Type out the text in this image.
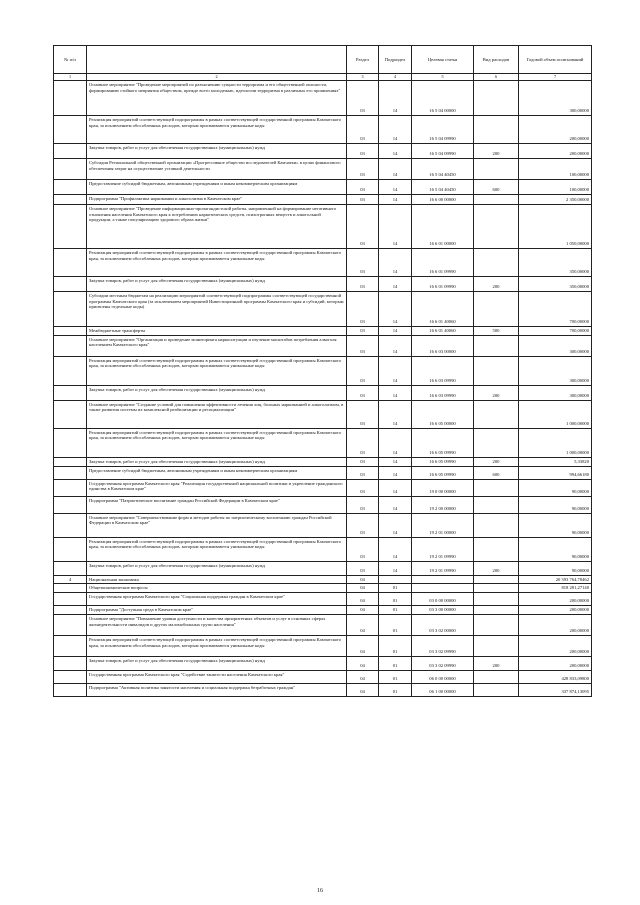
№ п/п		Раздел	Подраздел	Целевая статья	Вид расходов	Годовой объем ассигнований
1	2	3	4	5	6	7
	Основное мероприятие "Проведение мероприятий по разъяснению сущности терроризма и его общественной опасности, формированию стойкого неприятия обществом, прежде всего молодежью, идеологии терроризма в различных его проявлениях"	03	14	16 5 04 00000		300,00000
	Реализация мероприятий соответствующей подпрограммы в рамках соответствующей государственной программы Камчатского края, за исключением обособленных расходов, которым присваиваются уникальные коды	03	14	16 5 04 09990		200,00000
	Закупка товаров, работ и услуг для обеспечения государственных (муниципальных) нужд	03	14	16 5 04 09990	200	200,00000
	Субсидия Региональной общественной организации «Прогрессивное общество исследователей Камчатки» в целях финансового обеспечения затрат на осуществление уставной деятельности	03	14	16 5 04 40450		100,00000
	Предоставление субсидий бюджетным, автономным учреждениям и иным некоммерческим организациям	03	14	16 5 04 40450	600	100,00000
	Подпрограмма "Профилактика наркомании и алкоголизма в Камчатском крае"	03	14	16 6 00 00000		2 350,00000
	Основное мероприятие "Проведение информационно-пропагандистской работы, направленной на формирование негативного отношения населения Камчатского края к потреблению наркотических средств, психотропных веществ и алкогольной продукции, а также популяризацию здорового образа жизни"	03	14	16 6 01 00000		1 050,00000
	Реализация мероприятий соответствующей подпрограммы в рамках соответствующей государственной программы Камчатского края, за исключением обособленных расходов, которым присваиваются уникальные коды	03	14	16 6 01 09990		350,00000
	Закупка товаров, работ и услуг для обеспечения государственных (муниципальных) нужд	03	14	16 6 01 09990	200	350,00000
	Субсидии местным бюджетам на реализацию мероприятий соответствующей подпрограммы соответствующей государственной программы Камчатского края (за исключением мероприятий Инвестиционной программы Камчатского края и субсидий, которым присвоены отдельные коды)	03	14	16 6 01 40060		700,00000
	Межбюджетные трансферты	03	14	16 6 01 40060	500	700,00000
	Основное мероприятие "Организация и проведение мониторинга наркоситуации и изучение масштабов потребления алкоголя населением Камчатского края"	03	14	16 6 03 00000		300,00000
	Реализация мероприятий соответствующей подпрограммы в рамках соответствующей государственной программы Камчатского края, за исключением обособленных расходов, которым присваиваются уникальные коды	03	14	16 6 03 09990		300,00000
	Закупка товаров, работ и услуг для обеспечения государственных (муниципальных) нужд	03	14	16 6 03 09990	200	300,00000
	Основное мероприятие "Создание условий для повышения эффективности лечения лиц, больных наркоманией и алкоголизмом, в также развития системы их комплексной реабилитации и ресоциализации"	03	14	16 6 05 00000		1 000,00000
	Реализация мероприятий соответствующей подпрограммы в рамках соответствующей государственной программы Камчатского края, за исключением обособленных расходов, которым присваиваются уникальные коды	03	14	16 6 05 09990		1 000,00000
	Закупка товаров, работ и услуг для обеспечения государственных (муниципальных) нужд	03	14	16 6 05 09990	200	5,33820
	Предоставление субсидий бюджетным, автономным учреждениям и иным некоммерческим организациям	03	14	16 6 05 09990	600	994,66180
	Государственная программа Камчатского края "Реализация государственной национальной политики и укрепление гражданского единства в Камчатском крае"	03	14	19 0 00 00000		90,00000
	Подпрограмма "Патриотическое воспитание граждан Российской Федерации в Камчатском крае"	03	14	19 2 00 00000		90,00000
	Основное мероприятие "Совершенствование форм и методов работы по патриотическому воспитанию граждан Российской Федерации в Камчатском крае"	03	14	19 2 01 00000		90,00000
	Реализация мероприятий соответствующей подпрограммы в рамках соответствующей государственной программы Камчатского края, за исключением обособленных расходов, которым присваиваются уникальные коды	03	14	19 2 01 09990		90,00000
	Закупка товаров, работ и услуг для обеспечения государственных (муниципальных) нужд	03	14	19 2 01 09990	200	90,00000
4	Национальная экономика	04				20 393 764,78462
	Общеэкономические вопросы	04	01			818 281,27140
	Государственная программа Камчатского края "Социальная поддержка граждан в Камчатском крае"	04	01	03 0 00 00000		200,00000
	Подпрограмма "Доступная среда в Камчатском крае"	04	01	03 3 00 00000		200,00000
	Основное мероприятие "Повышение уровня доступности и качества приоритетных объектов и услуг в основных сферах жизнедеятельности инвалидов и других маломобильных групп населения"	04	01	03 3 02 00000		200,00000
	Реализация мероприятий соответствующей подпрограммы в рамках соответствующей государственной программы Камчатского края, за исключением обособленных расходов, которым присваиваются уникальные коды	04	01	03 3 02 09990		200,00000
	Закупка товаров, работ и услуг для обеспечения государственных (муниципальных) нужд	04	01	03 3 02 09990	200	200,00000
	Государственная программа Камчатского края "Содействие занятости населения Камчатского края"	04	01	06 0 00 00000		428 833,09800
	Подпрограмма "Активная политика занятости населения и социальная поддержка безработных граждан"	04	01	06 1 00 00000		337 874,13095
16
